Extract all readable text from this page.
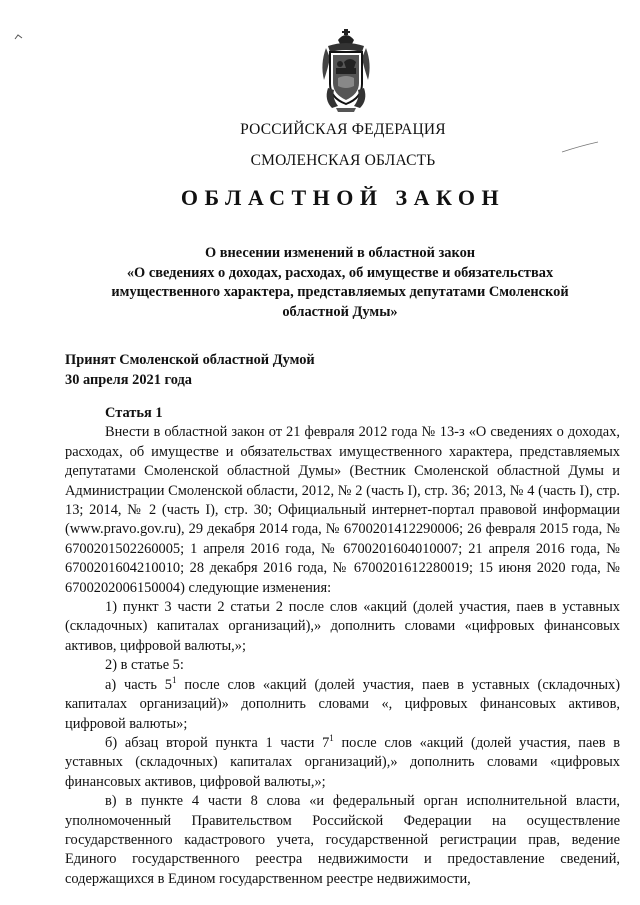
РОССИЙСКАЯ ФЕДЕРАЦИЯ
СМОЛЕНСКАЯ ОБЛАСТЬ
ОБЛАСТНОЙ ЗАКОН
О внесении изменений в областной закон
«О сведениях о доходах, расходах, об имуществе и обязательствах
имущественного характера, представляемых депутатами Смоленской
областной Думы»
Принят Смоленской областной Думой
30 апреля 2021 года

Статья 1

Внести в областной закон от 21 февраля 2012 года № 13-з «О сведениях о доходах, расходах, об имуществе и обязательствах имущественного характера, представляемых депутатами Смоленской областной Думы» (Вестник Смоленской областной Думы и Администрации Смоленской области, 2012, № 2 (часть I), стр. 36; 2013, № 4 (часть I), стр. 13; 2014, № 2 (часть I), стр. 30; Официальный интернет-портал правовой информации (www.pravo.gov.ru), 29 декабря 2014 года, № 6700201412290006; 26 февраля 2015 года, № 6700201502260005; 1 апреля 2016 года, № 6700201604010007; 21 апреля 2016 года, № 6700201604210010; 28 декабря 2016 года, № 6700201612280019; 15 июня 2020 года, № 6700202006150004) следующие изменения:

1) пункт 3 части 2 статьи 2 после слов «акций (долей участия, паев в уставных (складочных) капиталах организаций),» дополнить словами «цифровых финансовых активов, цифровой валюты,»;

2) в статье 5:

а) часть $5^1$ после слов «акций (долей участия, паев в уставных (складочных) капиталах организаций)» дополнить словами «, цифровых финансовых активов, цифровой валюты»;

б) абзац второй пункта 1 части $7^1$ после слов «акций (долей участия, паев в уставных (складочных) капиталах организаций),» дополнить словами «цифровых финансовых активов, цифровой валюты,»;

в) в пункте 4 части 8 слова «и федеральный орган исполнительной власти, уполномоченный Правительством Российской Федерации на осуществление государственного кадастрового учета, государственной регистрации прав, ведение Единого государственного реестра недвижимости и предоставление сведений, содержащихся в Едином государственном реестре недвижимости,
